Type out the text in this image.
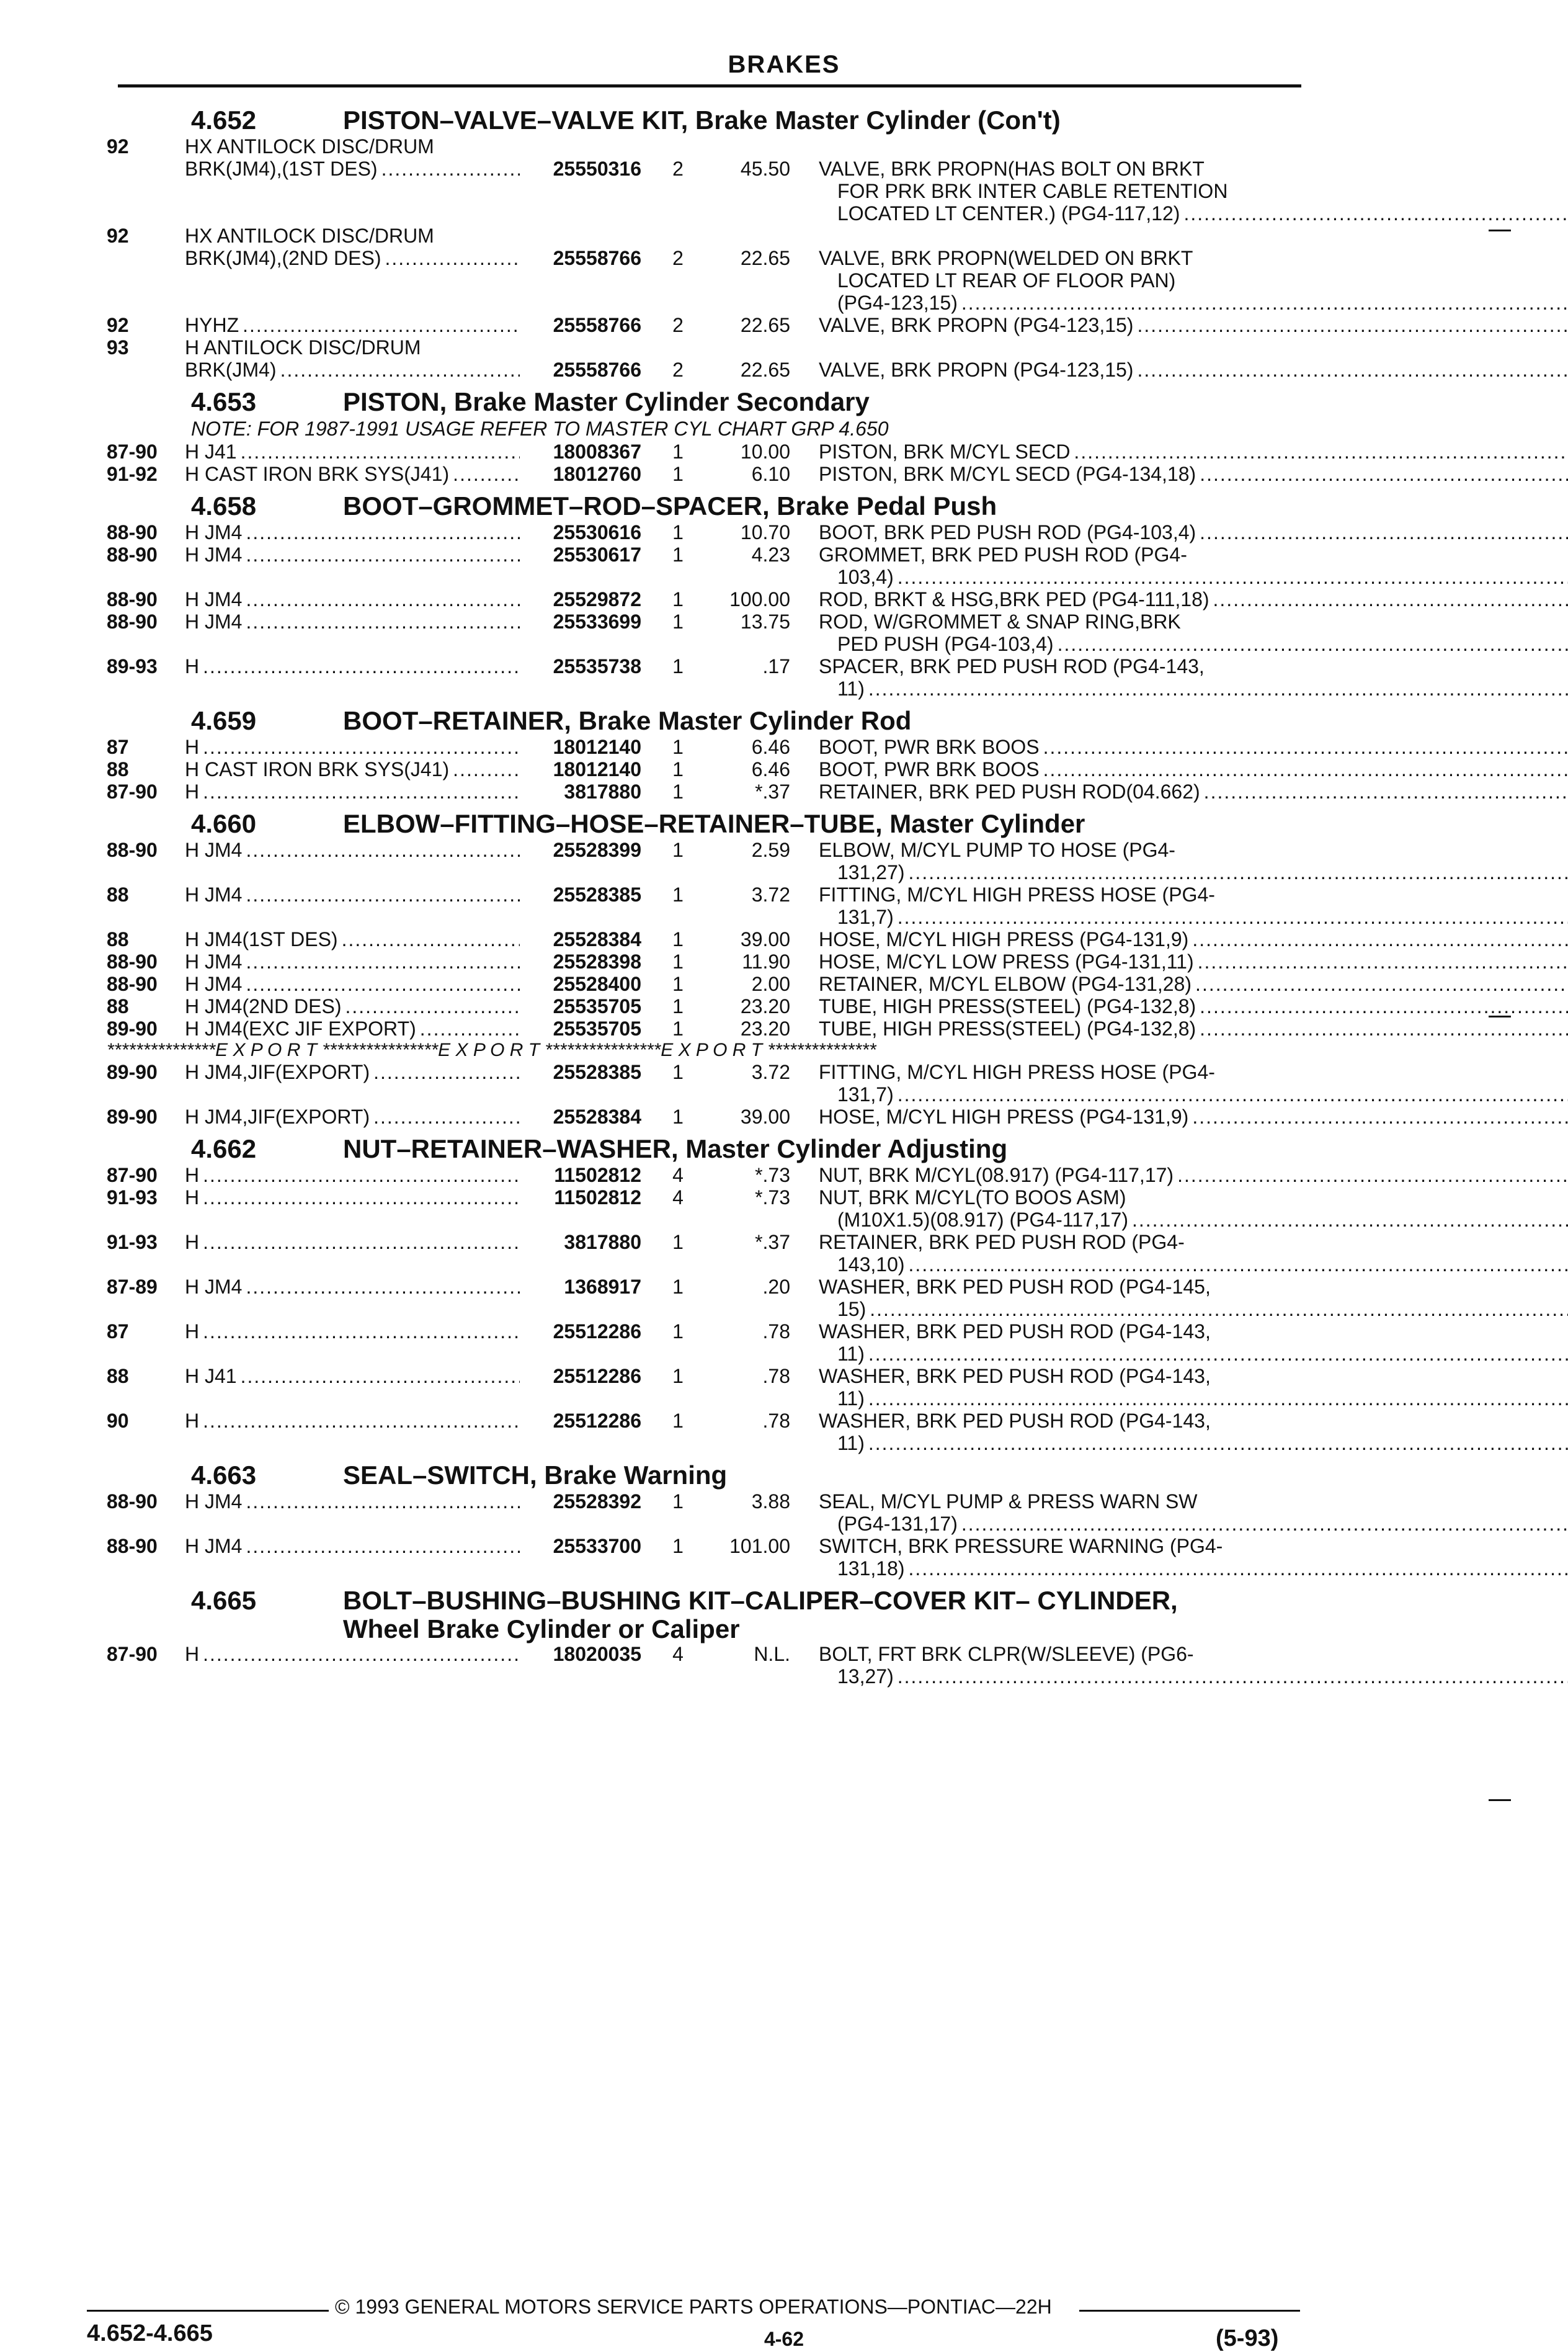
BRAKES
4.652	PISTON–VALVE–VALVE KIT, Brake Master Cylinder (Con't)
92	HX ANTILOCK DISC/DRUM
BRK(JM4),(1ST DES) .....	25550316	2	45.50 VALVE, BRK PROPN(HAS BOLT ON BRKT
FOR PRK BRK INTER CABLE RETENTION
LOCATED LT CENTER.) (PG4-117,12)
.....
92	HX ANTILOCK DISC/DRUM
BRK(JM4),(2ND DES) .....	25558766	2	22.65 VALVE, BRK PROPN(WELDED ON BRKT
LOCATED LT REAR OF FLOOR PAN)
(PG4-123,15)
.....
92	HYHZ .....	25558766	2	22.65 VALVE, BRK PROPN (PG4-123,15)
.....
93	H ANTILOCK DISC/DRUM
BRK(JM4) .....	25558766	2	22.65 VALVE, BRK PROPN (PG4-123,15)
.....
4.653	PISTON, Brake Master Cylinder Secondary
NOTE: FOR 1987-1991 USAGE REFER TO MASTER CYL CHART GRP 4.650
87-90	H J41 .....	18008367	1	10.00 PISTON, BRK M/CYL SECD
.....
91-92	H CAST IRON BRK SYS(J41) .....	18012760	1	6.10 PISTON, BRK M/CYL SECD (PG4-134,18)
.....
4.658	BOOT–GROMMET–ROD–SPACER, Brake Pedal Push
88-90	H JM4 .....	25530616	1	10.70 BOOT, BRK PED PUSH ROD (PG4-103,4)
.....
88-90	H JM4 .....	25530617	1	4.23 GROMMET, BRK PED PUSH ROD (PG4-
103,4)
.....
88-90	H JM4 .....	25529872	1	100.00 ROD, BRKT & HSG,BRK PED (PG4-111,18)
.....
88-90	H JM4 .....	25533699	1	13.75 ROD, W/GROMMET & SNAP RING,BRK
PED PUSH (PG4-103,4)
.....
89-93	H .....	25535738	1	.17 SPACER, BRK PED PUSH ROD (PG4-143,
11)
.....
4.659	BOOT–RETAINER, Brake Master Cylinder Rod
87	H .....	18012140	1	6.46 BOOT, PWR BRK BOOS
.....
88	H CAST IRON BRK SYS(J41) .....	18012140	1	6.46 BOOT, PWR BRK BOOS
.....
87-90	H .....	3817880	1	*.37 RETAINER, BRK PED PUSH ROD(04.662)
.....
4.660	ELBOW–FITTING–HOSE–RETAINER–TUBE, Master Cylinder
88-90	H JM4 .....	25528399	1	2.59 ELBOW, M/CYL PUMP TO HOSE (PG4-
131,27)
.....
88	H JM4 .....	25528385	1	3.72 FITTING, M/CYL HIGH PRESS HOSE (PG4-
131,7)
.....
88	H JM4(1ST DES) .....	25528384	1	39.00 HOSE, M/CYL HIGH PRESS (PG4-131,9)
.....
88-90	H JM4 .....	25528398	1	11.90 HOSE, M/CYL LOW PRESS (PG4-131,11)
.....
88-90	H JM4 .....	25528400	1	2.00 RETAINER, M/CYL ELBOW (PG4-131,28)
.....
88	H JM4(2ND DES) .....	25535705	1	23.20 TUBE, HIGH PRESS(STEEL) (PG4-132,8)
.....
89-90	H JM4(EXC JIF EXPORT) .....	25535705	1	23.20 TUBE, HIGH PRESS(STEEL) (PG4-132,8)
.....
***************E X P O R T ****************E X P O R T ****************E X P O R T ***************
89-90	H JM4,JIF(EXPORT) .....	25528385	1	3.72 FITTING, M/CYL HIGH PRESS HOSE (PG4-
131,7)
.....
89-90	H JM4,JIF(EXPORT) .....	25528384	1	39.00 HOSE, M/CYL HIGH PRESS (PG4-131,9)
.....
4.662	NUT–RETAINER–WASHER, Master Cylinder Adjusting
87-90	H .....	11502812	4	*.73 NUT, BRK M/CYL(08.917) (PG4-117,17)
.....
91-93	H .....	11502812	4	*.73 NUT, BRK M/CYL(TO BOOS ASM)
(M10X1.5)(08.917) (PG4-117,17)
.....
91-93	H .....	3817880	1	*.37 RETAINER, BRK PED PUSH ROD (PG4-
143,10)
.....
87-89	H JM4 .....	1368917	1	.20 WASHER, BRK PED PUSH ROD (PG4-145,
15)
.....
87	H .....	25512286	1	.78 WASHER, BRK PED PUSH ROD (PG4-143,
11)
.....
88	H J41 .....	25512286	1	.78 WASHER, BRK PED PUSH ROD (PG4-143,
11)
.....
90	H .....	25512286	1	.78 WASHER, BRK PED PUSH ROD (PG4-143,
11)
.....
4.663	SEAL–SWITCH, Brake Warning
88-90	H JM4 .....	25528392	1	3.88 SEAL, M/CYL PUMP & PRESS WARN SW
(PG4-131,17)
.....
88-90	H JM4 .....	25533700	1	101.00 SWITCH, BRK PRESSURE WARNING (PG4-
131,18)
.....
4.665	BOLT–BUSHING–BUSHING KIT–CALIPER–COVER KIT– CYLINDER,
Wheel Brake Cylinder or Caliper
87-90	H .....	18020035	4	N.L. BOLT, FRT BRK CLPR(W/SLEEVE) (PG6-
13,27)
.....
© 1993 GENERAL MOTORS SERVICE PARTS OPERATIONS—PONTIAC—22H
4.652-4.665	4-62	(5-93)
